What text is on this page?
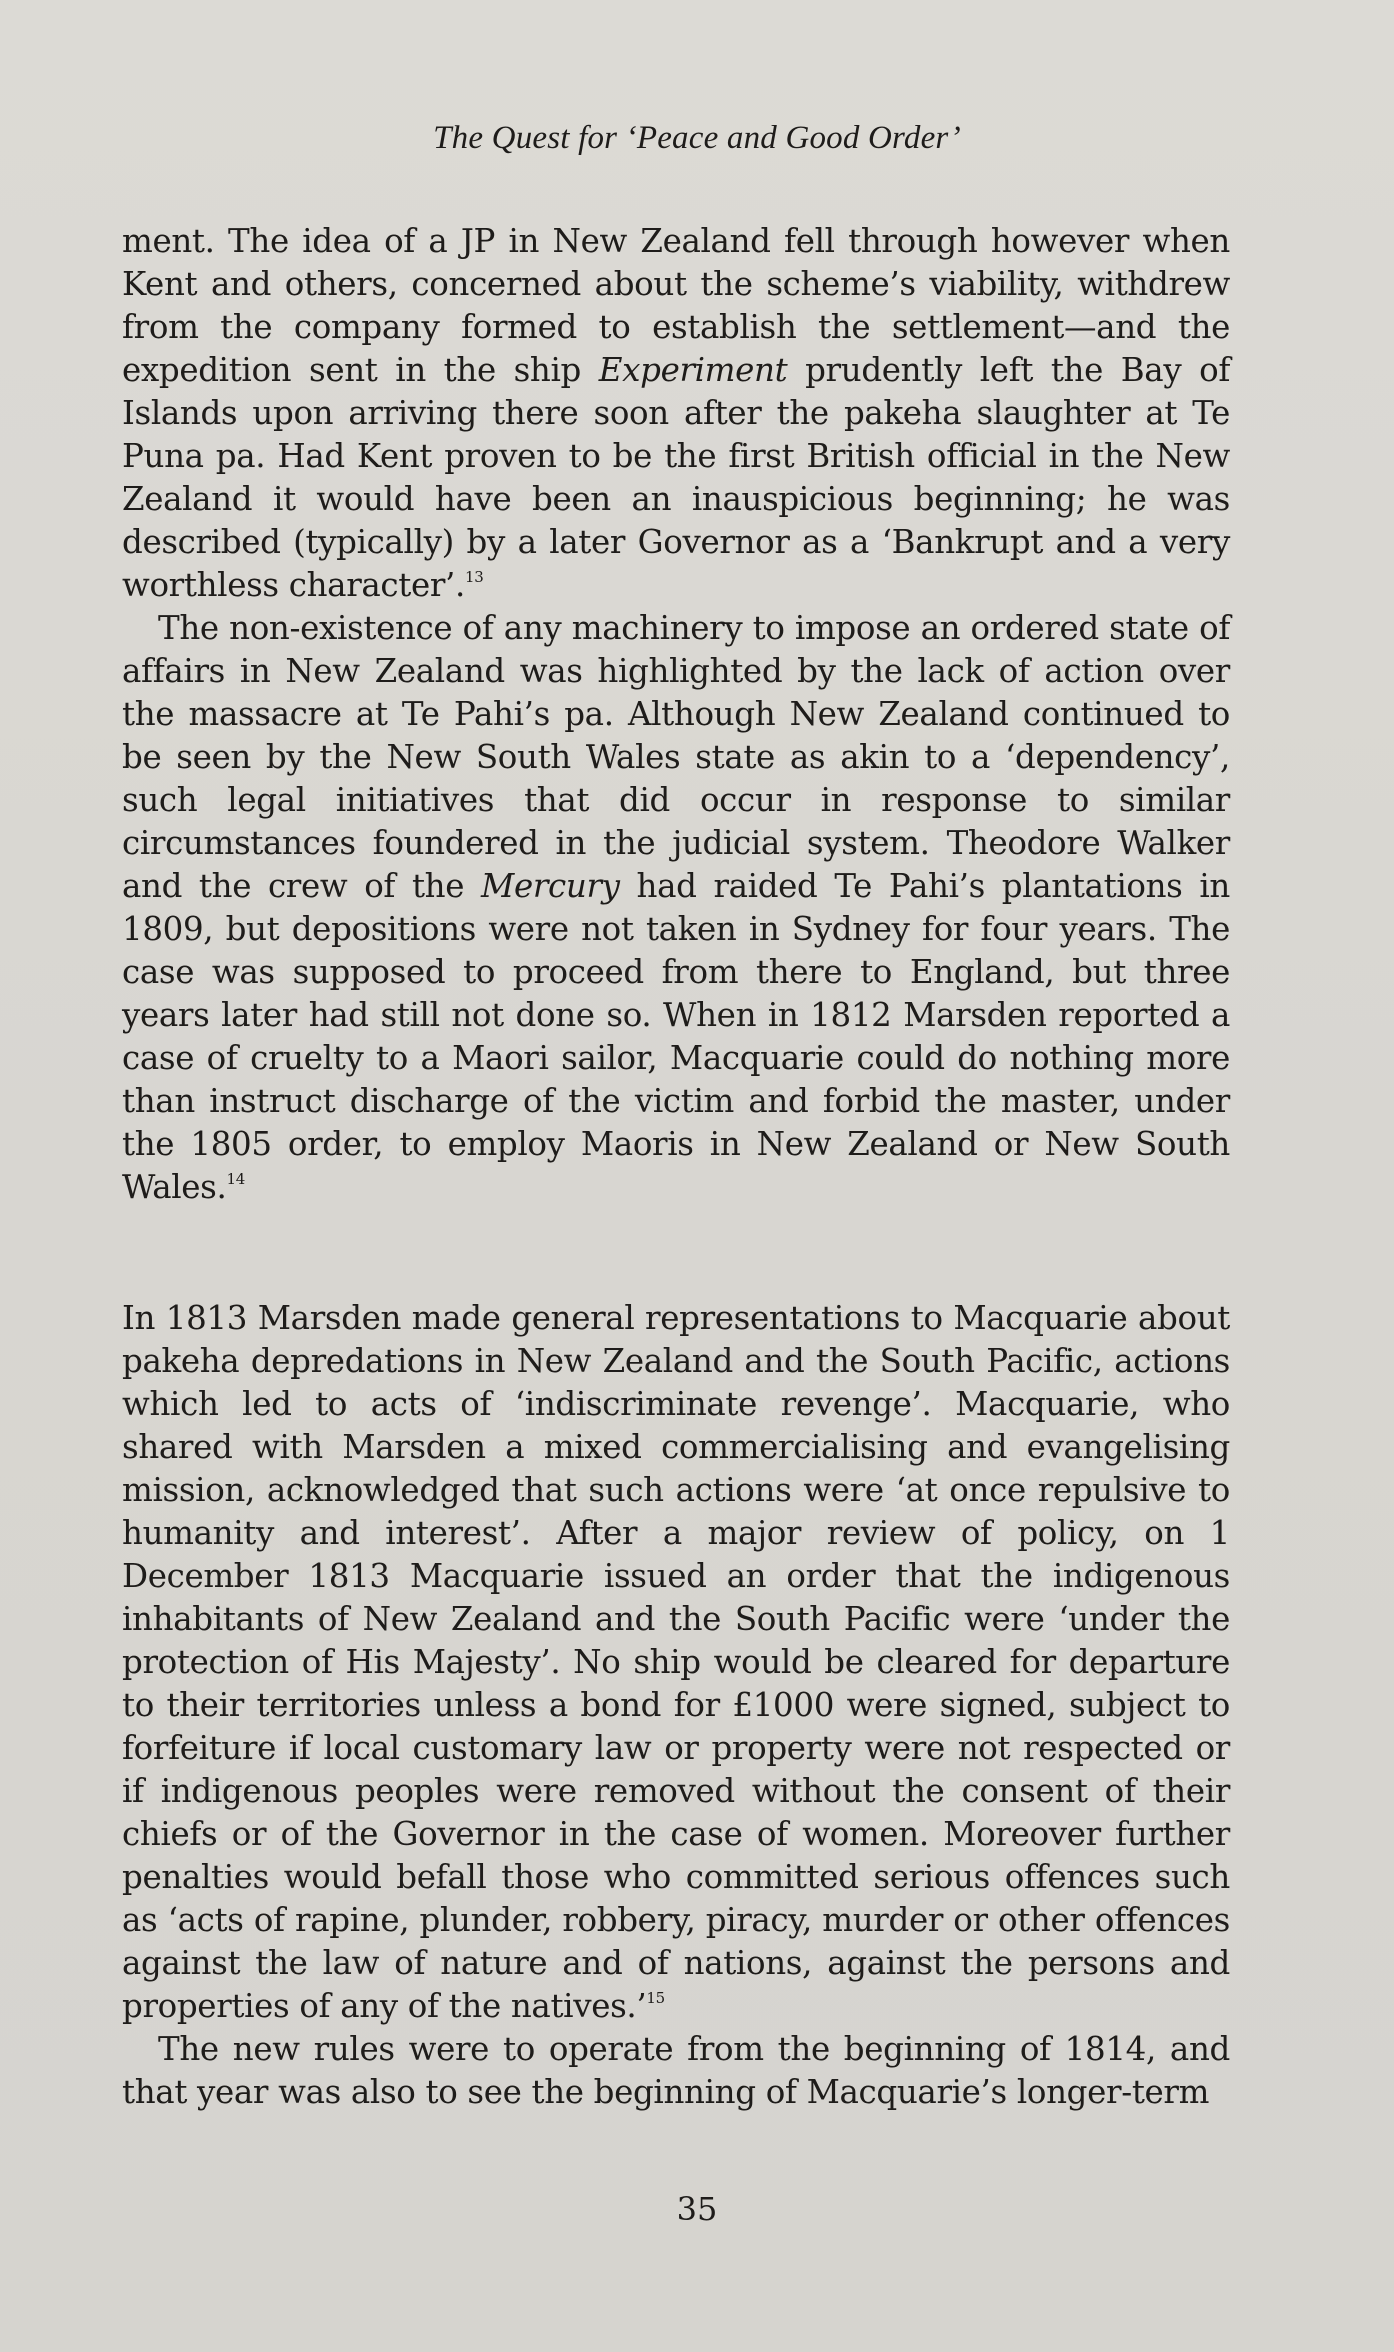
The Quest for ‘Peace and Good Order’

ment. The idea of a JP in New Zealand fell through however when Kent and others, concerned about the scheme’s viability, withdrew from the company formed to establish the settlement—and the expedition sent in the ship Experiment prudently left the Bay of Islands upon arriving there soon after the pakeha slaughter at Te Puna pa. Had Kent proven to be the first British official in the New Zealand it would have been an inauspicious beginning; he was described (typically) by a later Governor as a ‘Bankrupt and a very worthless character’.$^{13}$

The non-existence of any machinery to impose an ordered state of affairs in New Zealand was highlighted by the lack of action over the massacre at Te Pahi’s pa. Although New Zealand continued to be seen by the New South Wales state as akin to a ‘dependency’, such legal initiatives that did occur in response to similar circumstances foundered in the judicial system. Theodore Walker and the crew of the Mercury had raided Te Pahi’s plantations in 1809, but depositions were not taken in Sydney for four years. The case was supposed to proceed from there to England, but three years later had still not done so. When in 1812 Marsden reported a case of cruelty to a Maori sailor, Macquarie could do nothing more than instruct discharge of the victim and forbid the master, under the 1805 order, to employ Maoris in New Zealand or New South Wales.$^{14}$

In 1813 Marsden made general representations to Macquarie about pakeha depredations in New Zealand and the South Pacific, actions which led to acts of ‘indiscriminate revenge’. Macquarie, who shared with Marsden a mixed commercialising and evangelising mission, acknowledged that such actions were ‘at once repulsive to humanity and interest’. After a major review of policy, on 1 December 1813 Macquarie issued an order that the indigenous inhabitants of New Zealand and the South Pacific were ‘under the protection of His Majesty’. No ship would be cleared for departure to their territories unless a bond for £1000 were signed, subject to forfeiture if local customary law or property were not respected or if indigenous peoples were removed without the consent of their chiefs or of the Governor in the case of women. Moreover further penalties would befall those who committed serious offences such as ‘acts of rapine, plunder, robbery, piracy, murder or other offences against the law of nature and of nations, against the persons and properties of any of the natives.’$^{15}$

The new rules were to operate from the beginning of 1814, and that year was also to see the beginning of Macquarie’s longer-term

35
